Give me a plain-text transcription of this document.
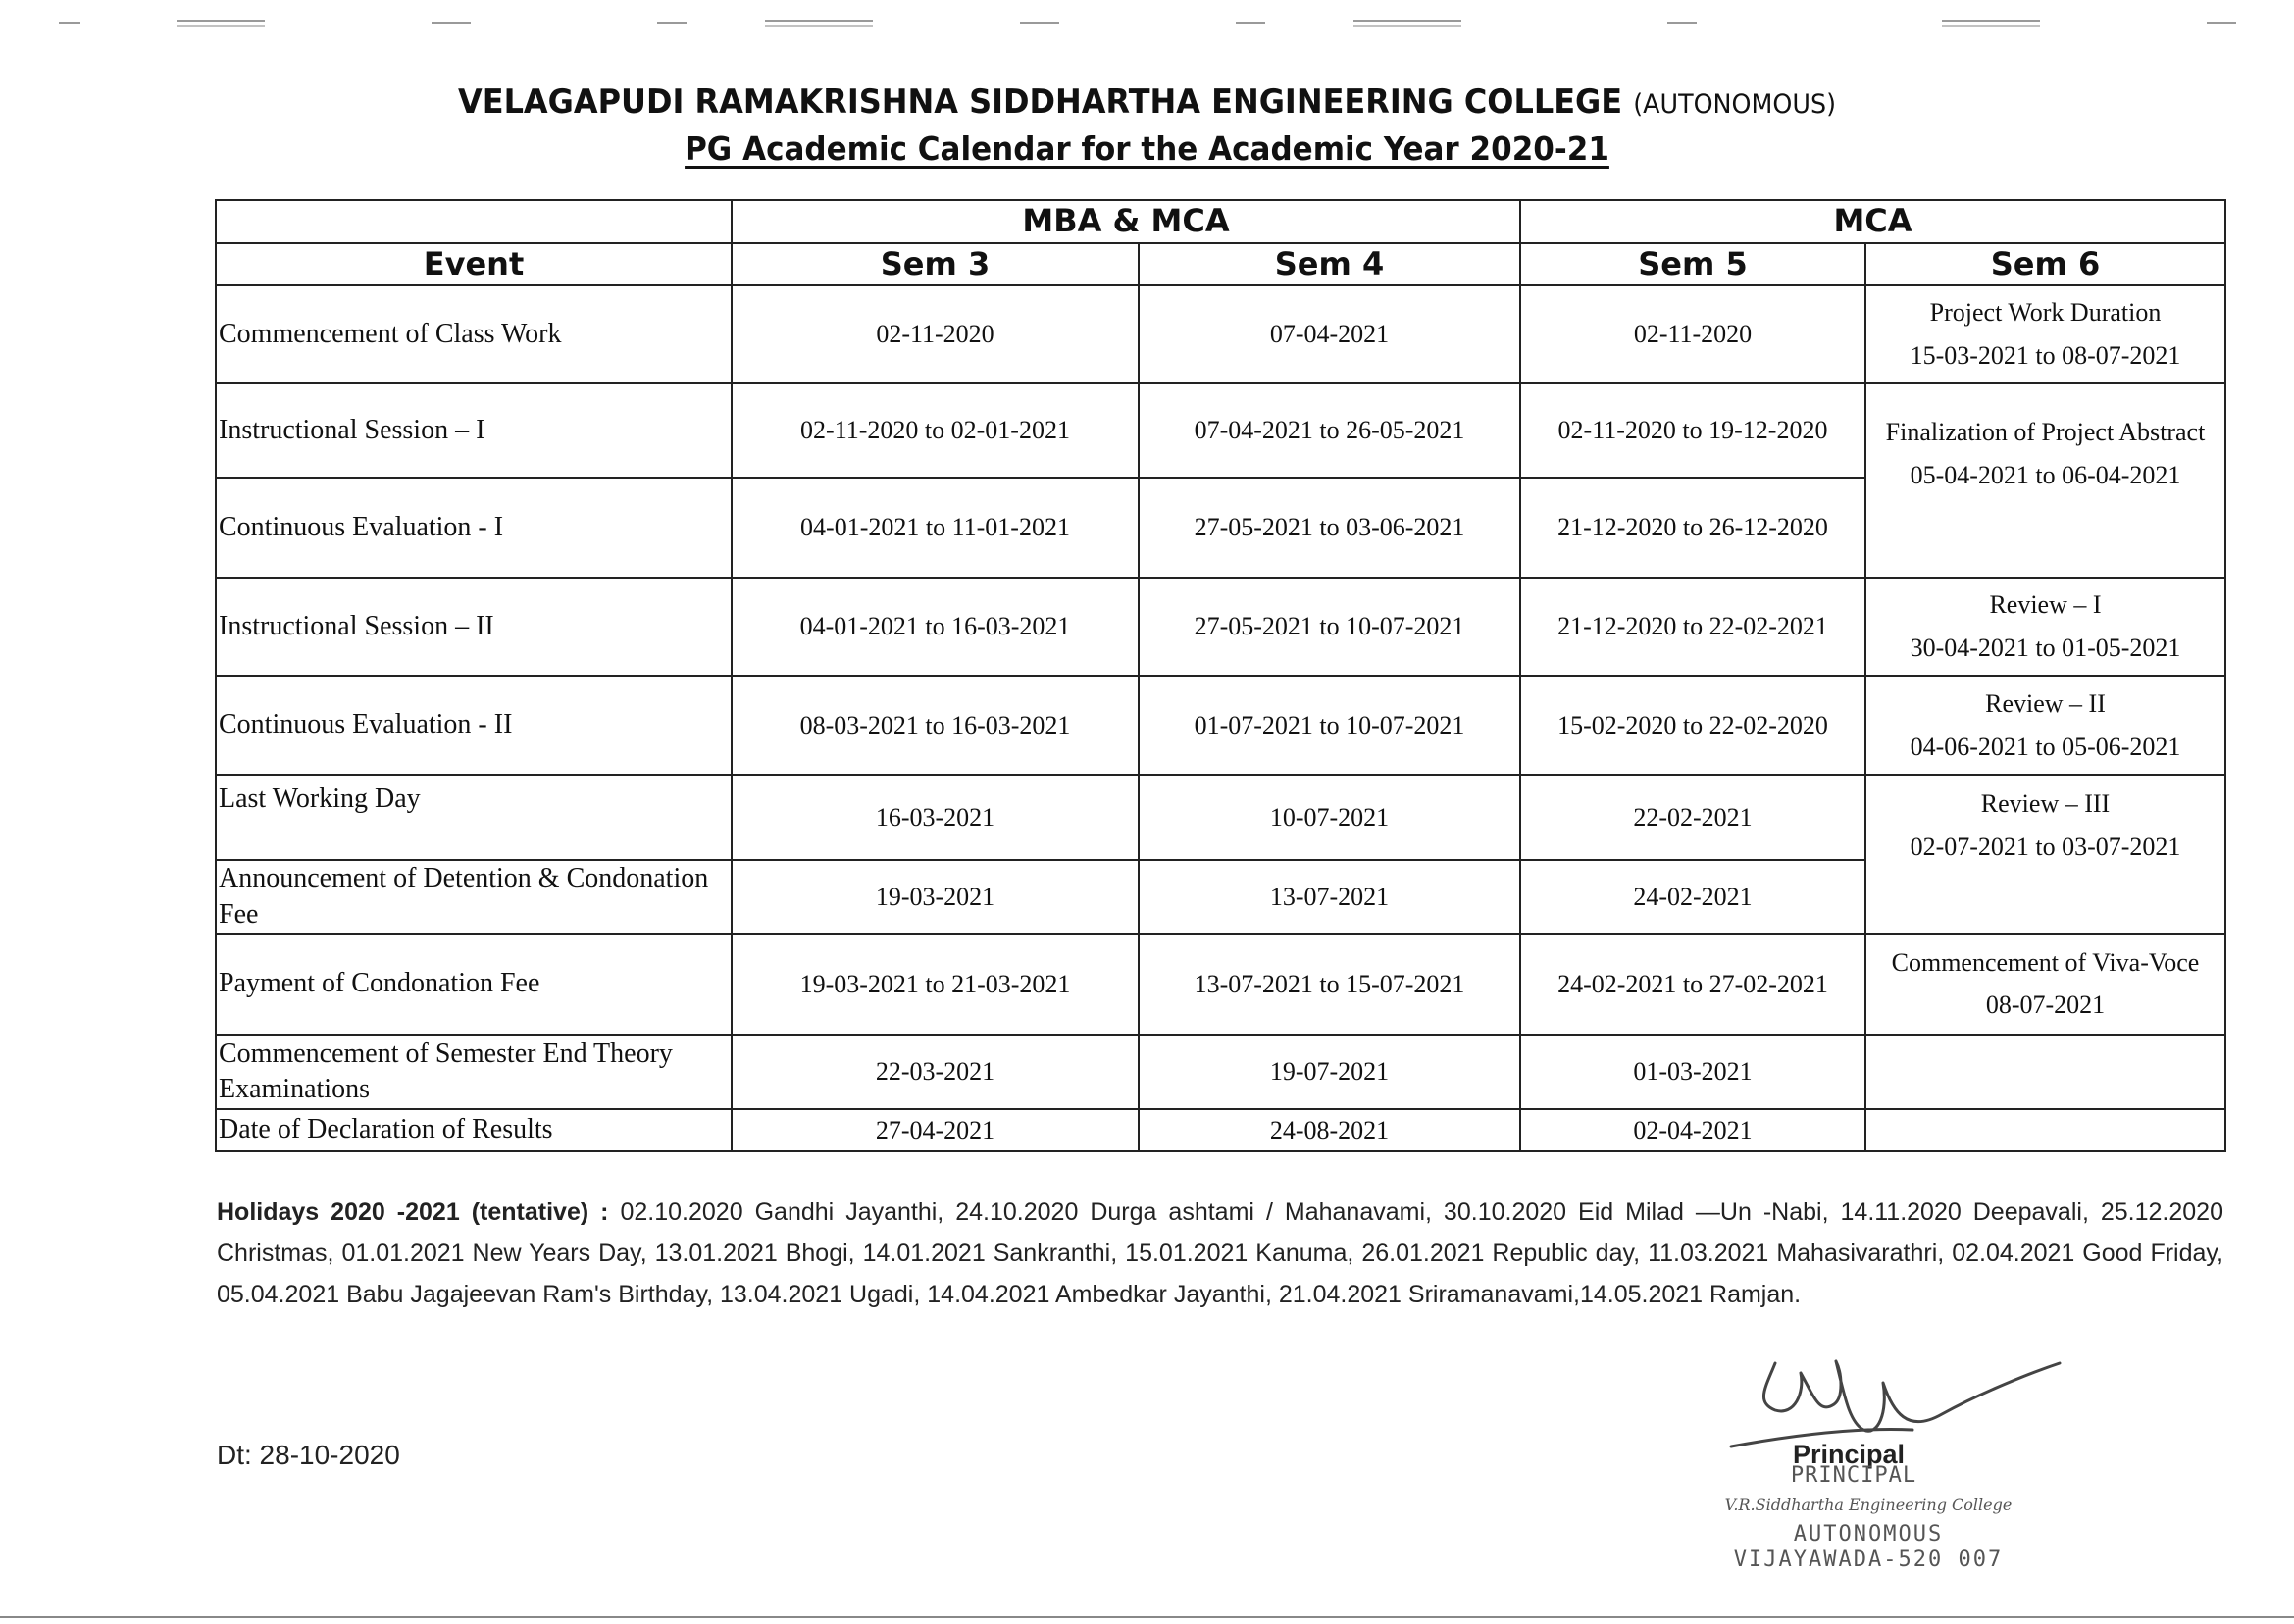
VELAGAPUDI RAMAKRISHNA SIDDHARTHA ENGINEERING COLLEGE (AUTONOMOUS)
PG Academic Calendar for the Academic Year 2020-21
	MBA & MCA		MCA	
Event	Sem 3	Sem 4	Sem 5	Sem 6
Commencement of Class Work	02-11-2020	07-04-2021	02-11-2020	Project Work Duration
15-03-2021 to 08-07-2021

Instructional Session – I	02-11-2020 to 02-01-2021	07-04-2021 to 26-05-2021	02-11-2020 to 19-12-2020	Finalization of Project Abstract
05-04-2021 to 06-04-2021

Continuous Evaluation - I	04-01-2021 to 11-01-2021	27-05-2021 to 03-06-2021	21-12-2020 to 26-12-2020	
Instructional Session – II	04-01-2021 to 16-03-2021	27-05-2021 to 10-07-2021	21-12-2020 to 22-02-2021	Review – I
30-04-2021 to 01-05-2021

Continuous Evaluation - II	08-03-2021 to 16-03-2021	01-07-2021 to 10-07-2021	15-02-2020 to 22-02-2020	Review – II
04-06-2021 to 05-06-2021

Last Working Day	16-03-2021	10-07-2021	22-02-2021	Review – III
02-07-2021 to 03-07-2021

Announcement of Detention & Condonation Fee	19-03-2021	13-07-2021	24-02-2021	
Payment of Condonation Fee	19-03-2021 to 21-03-2021	13-07-2021 to 15-07-2021	24-02-2021 to 27-02-2021	Commencement of Viva-Voce
08-07-2021

Commencement of Semester End Theory Examinations	22-03-2021	19-07-2021	01-03-2021	
Date of Declaration of Results	27-04-2021	24-08-2021	02-04-2021	
Holidays 2020 -2021 (tentative) : 02.10.2020 Gandhi Jayanthi, 24.10.2020 Durga ashtami / Mahanavami, 30.10.2020 Eid Milad —Un -Nabi, 14.11.2020 Deepavali, 25.12.2020 Christmas, 01.01.2021 New Years Day, 13.01.2021 Bhogi, 14.01.2021 Sankranthi, 15.01.2021 Kanuma, 26.01.2021 Republic day, 11.03.2021 Mahasivarathri, 02.04.2021 Good Friday, 05.04.2021 Babu Jagajeevan Ram's Birthday, 13.04.2021 Ugadi, 14.04.2021 Ambedkar Jayanthi, 21.04.2021 Sriramanavami,14.05.2021 Ramjan.
Dt: 28-10-2020	Principal
PRINCIPAL
V.R.Siddhartha Engineering College
AUTONOMOUS
VIJAYAWADA-520 007
